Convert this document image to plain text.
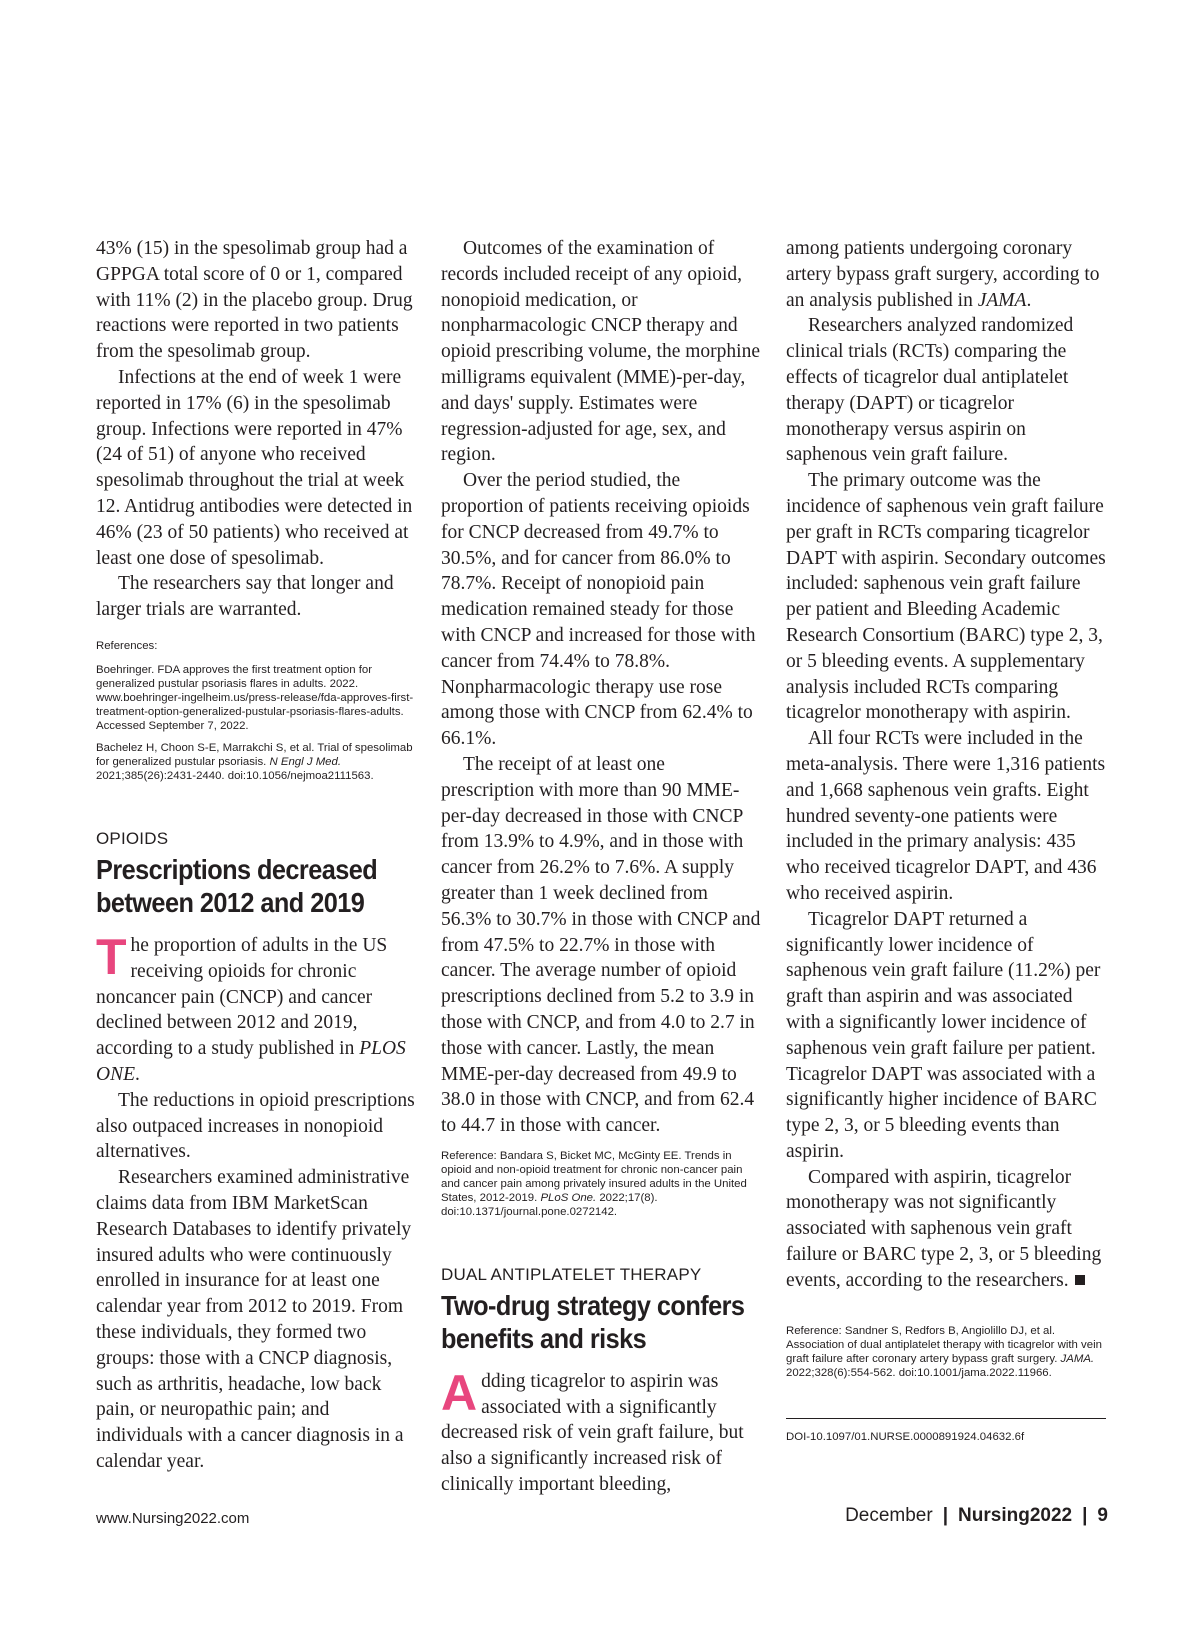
43% (15) in the spesolimab group had a GPPGA total score of 0 or 1, compared with 11% (2) in the placebo group. Drug reactions were reported in two patients from the spesolimab group.

Infections at the end of week 1 were reported in 17% (6) in the spesolimab group. Infections were reported in 47% (24 of 51) of anyone who received spesolimab throughout the trial at week 12. Antidrug antibodies were detected in 46% (23 of 50 patients) who received at least one dose of spesolimab.

The researchers say that longer and larger trials are warranted.

References:
Boehringer. FDA approves the first treatment option for generalized pustular psoriasis flares in adults. 2022. www.boehringer-ingelheim.us/press-release/fda-approves-first-treatment-option-generalized-pustular-psoriasis-flares-adults. Accessed September 7, 2022.
Bachelez H, Choon S-E, Marrakchi S, et al. Trial of spesolimab for generalized pustular psoriasis. N Engl J Med. 2021;385(26):2431-2440. doi:10.1056/nejmoa2111563.
OPIOIDS
Prescriptions decreased between 2012 and 2019

The proportion of adults in the US receiving opioids for chronic noncancer pain (CNCP) and cancer declined between 2012 and 2019, according to a study published in PLOS ONE.

The reductions in opioid prescriptions also outpaced increases in nonopioid alternatives.

Researchers examined administrative claims data from IBM MarketScan Research Databases to identify privately insured adults who were continuously enrolled in insurance for at least one calendar year from 2012 to 2019. From these individuals, they formed two groups: those with a CNCP diagnosis, such as arthritis, headache, low back pain, or neuropathic pain; and individuals with a cancer diagnosis in a calendar year.

Outcomes of the examination of records included receipt of any opioid, nonopioid medication, or nonpharmacologic CNCP therapy and opioid prescribing volume, the morphine milligrams equivalent (MME)-per-day, and days' supply. Estimates were regression-adjusted for age, sex, and region.

Over the period studied, the proportion of patients receiving opioids for CNCP decreased from 49.7% to 30.5%, and for cancer from 86.0% to 78.7%. Receipt of nonopioid pain medication remained steady for those with CNCP and increased for those with cancer from 74.4% to 78.8%. Nonpharmacologic therapy use rose among those with CNCP from 62.4% to 66.1%.

The receipt of at least one prescription with more than 90 MME-per-day decreased in those with CNCP from 13.9% to 4.9%, and in those with cancer from 26.2% to 7.6%. A supply greater than 1 week declined from 56.3% to 30.7% in those with CNCP and from 47.5% to 22.7% in those with cancer. The average number of opioid prescriptions declined from 5.2 to 3.9 in those with CNCP, and from 4.0 to 2.7 in those with cancer. Lastly, the mean MME-per-day decreased from 49.9 to 38.0 in those with CNCP, and from 62.4 to 44.7 in those with cancer.

Reference: Bandara S, Bicket MC, McGinty EE. Trends in opioid and non-opioid treatment for chronic non-cancer pain and cancer pain among privately insured adults in the United States, 2012-2019. PLoS One. 2022;17(8). doi:10.1371/journal.pone.0272142.
DUAL ANTIPLATELET THERAPY
Two-drug strategy confers benefits and risks

Adding ticagrelor to aspirin was associated with a significantly decreased risk of vein graft failure, but also a significantly increased risk of clinically important bleeding,

among patients undergoing coronary artery bypass graft surgery, according to an analysis published in JAMA.

Researchers analyzed randomized clinical trials (RCTs) comparing the effects of ticagrelor dual antiplatelet therapy (DAPT) or ticagrelor monotherapy versus aspirin on saphenous vein graft failure.

The primary outcome was the incidence of saphenous vein graft failure per graft in RCTs comparing ticagrelor DAPT with aspirin. Secondary outcomes included: saphenous vein graft failure per patient and Bleeding Academic Research Consortium (BARC) type 2, 3, or 5 bleeding events. A supplementary analysis included RCTs comparing ticagrelor monotherapy with aspirin.

All four RCTs were included in the meta-analysis. There were 1,316 patients and 1,668 saphenous vein grafts. Eight hundred seventy-one patients were included in the primary analysis: 435 who received ticagrelor DAPT, and 436 who received aspirin.

Ticagrelor DAPT returned a significantly lower incidence of saphenous vein graft failure (11.2%) per graft than aspirin and was associated with a significantly lower incidence of saphenous vein graft failure per patient. Ticagrelor DAPT was associated with a significantly higher incidence of BARC type 2, 3, or 5 bleeding events than aspirin.

Compared with aspirin, ticagrelor monotherapy was not significantly associated with saphenous vein graft failure or BARC type 2, 3, or 5 bleeding events, according to the researchers.

Reference: Sandner S, Redfors B, Angiolillo DJ, et al. Association of dual antiplatelet therapy with ticagrelor with vein graft failure after coronary artery bypass graft surgery. JAMA. 2022;328(6):554-562. doi:10.1001/jama.2022.11966.
DOI-10.1097/01.NURSE.0000891924.04632.6f
www.Nursing2022.com	December | Nursing2022 | 9
